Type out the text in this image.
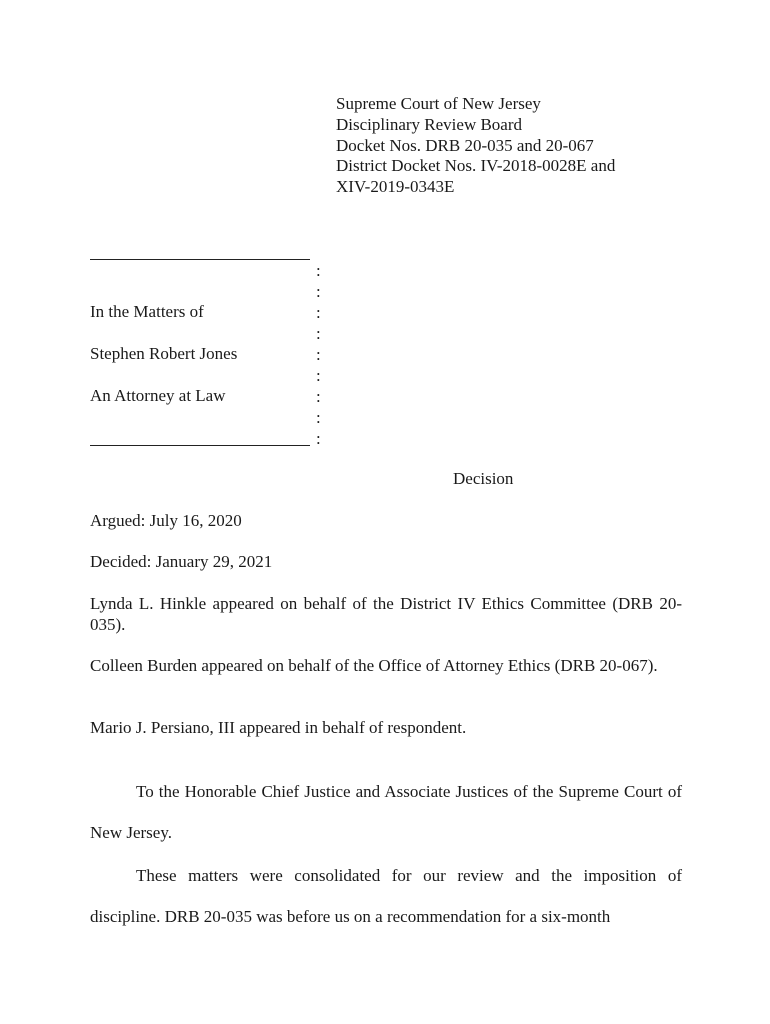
Supreme Court of New Jersey
Disciplinary Review Board
Docket Nos. DRB 20-035 and 20-067
District Docket Nos. IV-2018-0028E and
XIV-2019-0343E
:
:
:
:
:
:
:
:
:
In the Matters of
Stephen Robert Jones
An Attorney at Law
Decision
Argued: July 16, 2020
Decided: January 29, 2021
Lynda L. Hinkle appeared on behalf of the District IV Ethics Committee (DRB 20-035).
Colleen Burden appeared on behalf of the Office of Attorney Ethics (DRB 20-067).
Mario J. Persiano, III appeared in behalf of respondent.
To the Honorable Chief Justice and Associate Justices of the Supreme Court of New Jersey.
These matters were consolidated for our review and the imposition of discipline. DRB 20-035 was before us on a recommendation for a six-month
